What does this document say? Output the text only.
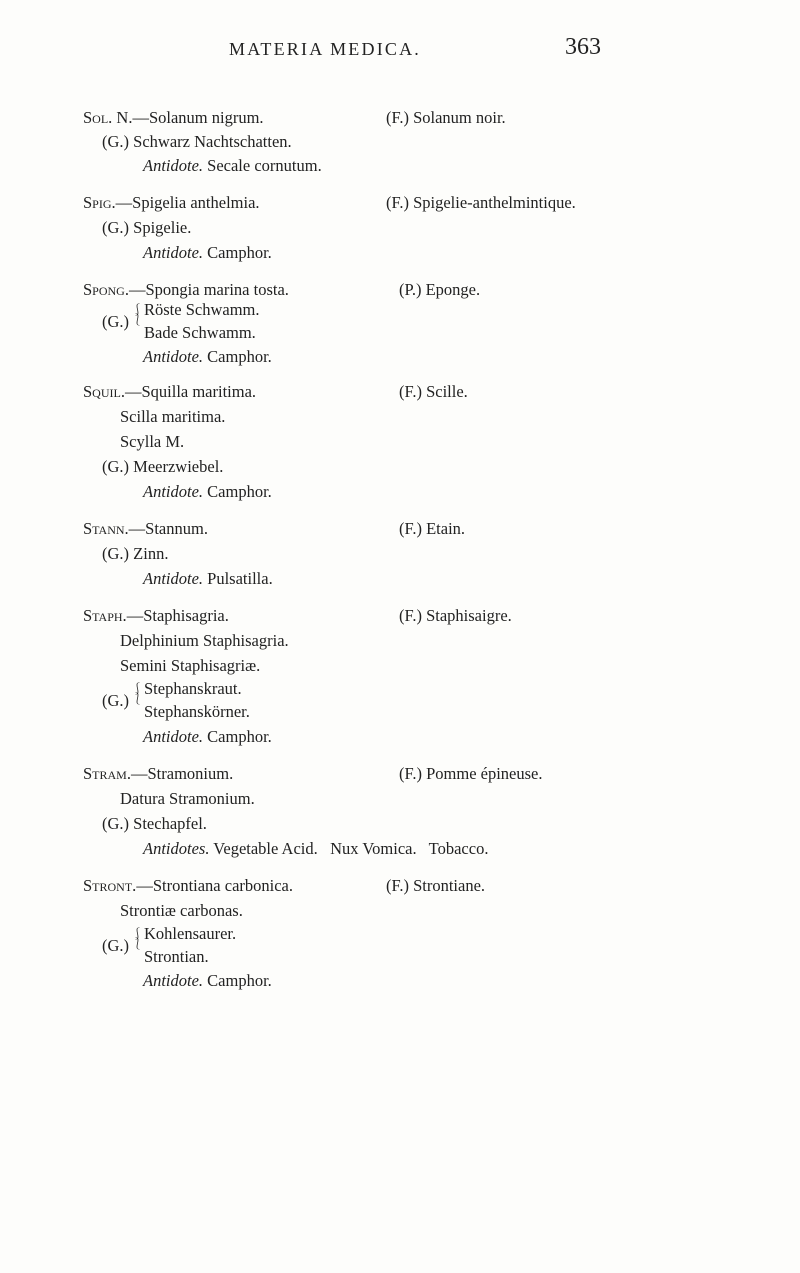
MATERIA MEDICA.	363
Sol. N.—Solanum nigrum.	(F.) Solanum noir.
(G.) Schwarz Nachtschatten.
Antidote. Secale cornutum.
Spig.—Spigelia anthelmia.	(F.) Spigelie-anthelmintique.
(G.) Spigelie.
Antidote. Camphor.
Spong.—Spongia marina tosta.	(P.) Eponge.
(G.)
⎰
⎱
Röste Schwamm.
Bade Schwamm.
Antidote. Camphor.
Squil.—Squilla maritima.	(F.) Scille.
Scilla maritima.
Scylla M.
(G.) Meerzwiebel.
Antidote. Camphor.
Stann.—Stannum.	(F.) Etain.
(G.) Zinn.
Antidote. Pulsatilla.
Staph.—Staphisagria.	(F.) Staphisaigre.
Delphinium Staphisagria.
Semini Staphisagriæ.
(G.)
⎰
⎱
Stephanskraut.
Stephanskörner.
Antidote. Camphor.
Stram.—Stramonium.	(F.) Pomme épineuse.
Datura Stramonium.
(G.) Stechapfel.
Antidotes. Vegetable Acid.   Nux Vomica.   Tobacco.
Stront.—Strontiana carbonica.	(F.) Strontiane.
Strontiæ carbonas.
(G.)
⎰
⎱
Kohlensaurer.
Strontian.
Antidote. Camphor.
